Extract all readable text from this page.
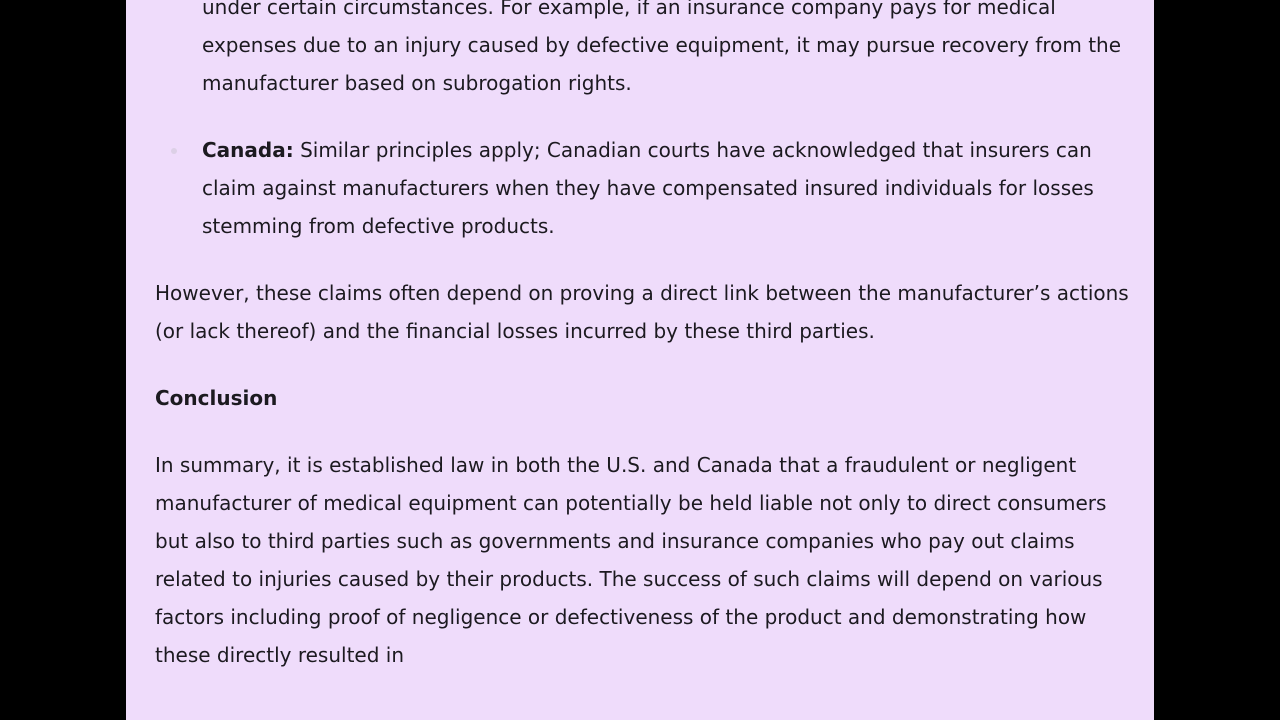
under certain circumstances. For example, if an insurance company pays for medical expenses due to an injury caused by defective equipment, it may pursue recovery from the manufacturer based on subrogation rights.
Canada: Similar principles apply; Canadian courts have acknowledged that insurers can claim against manufacturers when they have compensated insured individuals for losses stemming from defective products.

However, these claims often depend on proving a direct link between the manufacturer’s actions (or lack thereof) and the financial losses incurred by these third parties.

Conclusion

In summary, it is established law in both the U.S. and Canada that a fraudulent or negligent manufacturer of medical equipment can potentially be held liable not only to direct consumers but also to third parties such as governments and insurance companies who pay out claims related to injuries caused by their products. The success of such claims will depend on various factors including proof of negligence or defectiveness of the product and demonstrating how these directly resulted in
